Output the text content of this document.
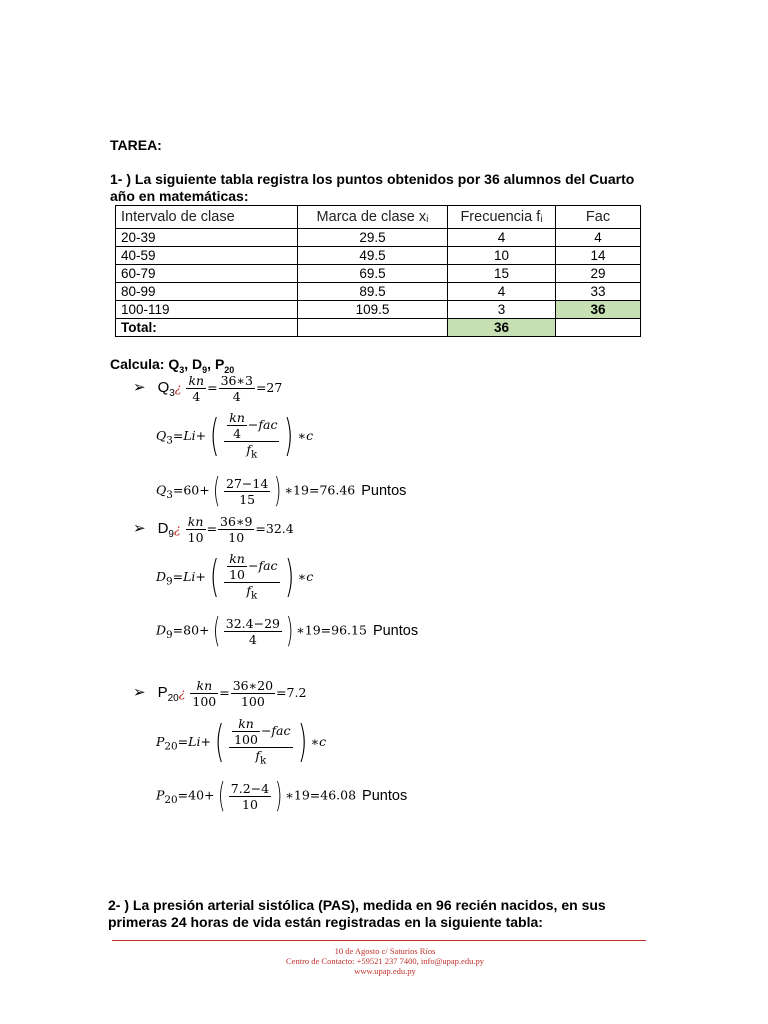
TAREA:
1- ) La siguiente tabla registra los puntos obtenidos por 36 alumnos del Cuarto año en matemáticas:
Intervalo de clase	Marca de clase xᵢ	Frecuencia fᵢ	Fac
20-39	29.5	4	4
40-59	49.5	10	14
60-79	69.5	15	29
80-99	89.5	4	33
100-119	109.5	3	36
Total:		36	
Calcula: $Q_3$, $D_9$, $P_{20}$
➢ $Q_3¿ \frac{kn}{4} = \frac{36∗3}{4} =27$
$Q_3=Li+( \frac{\frac{kn}{4} -fac}{f_k}$ ) ∗c
$Q_3=60+( \frac{27-14}{15}$ ) ∗19=76.46 Puntos
➢ $D_9¿ \frac{kn}{10} = \frac{36∗9}{10} =32.4$
$D_9=Li+( \frac{\frac{kn}{10} -fac}{f_k}$ ) ∗c
$D_9=80+( \frac{32.4-29}{4}$ ) ∗19=96.15 Puntos
➢ $P_{20}¿ \frac{kn}{100} = \frac{36∗20}{100} =7.2$
$P_{20}=Li+( \frac{\frac{kn}{100} -fac}{f_k}$ ) ∗c
$P_{20}=40+( \frac{7.2-4}{10}$ ) ∗19=46.08 Puntos
2- ) La presión arterial sistólica (PAS), medida en 96 recién nacidos, en sus primeras 24 horas de vida están registradas en la siguiente tabla:
10 de Agosto c/ Saturios Ríos
Centro de Contacto: +59521 237 7400, info@upap.edu.py
www.upap.edu.py
